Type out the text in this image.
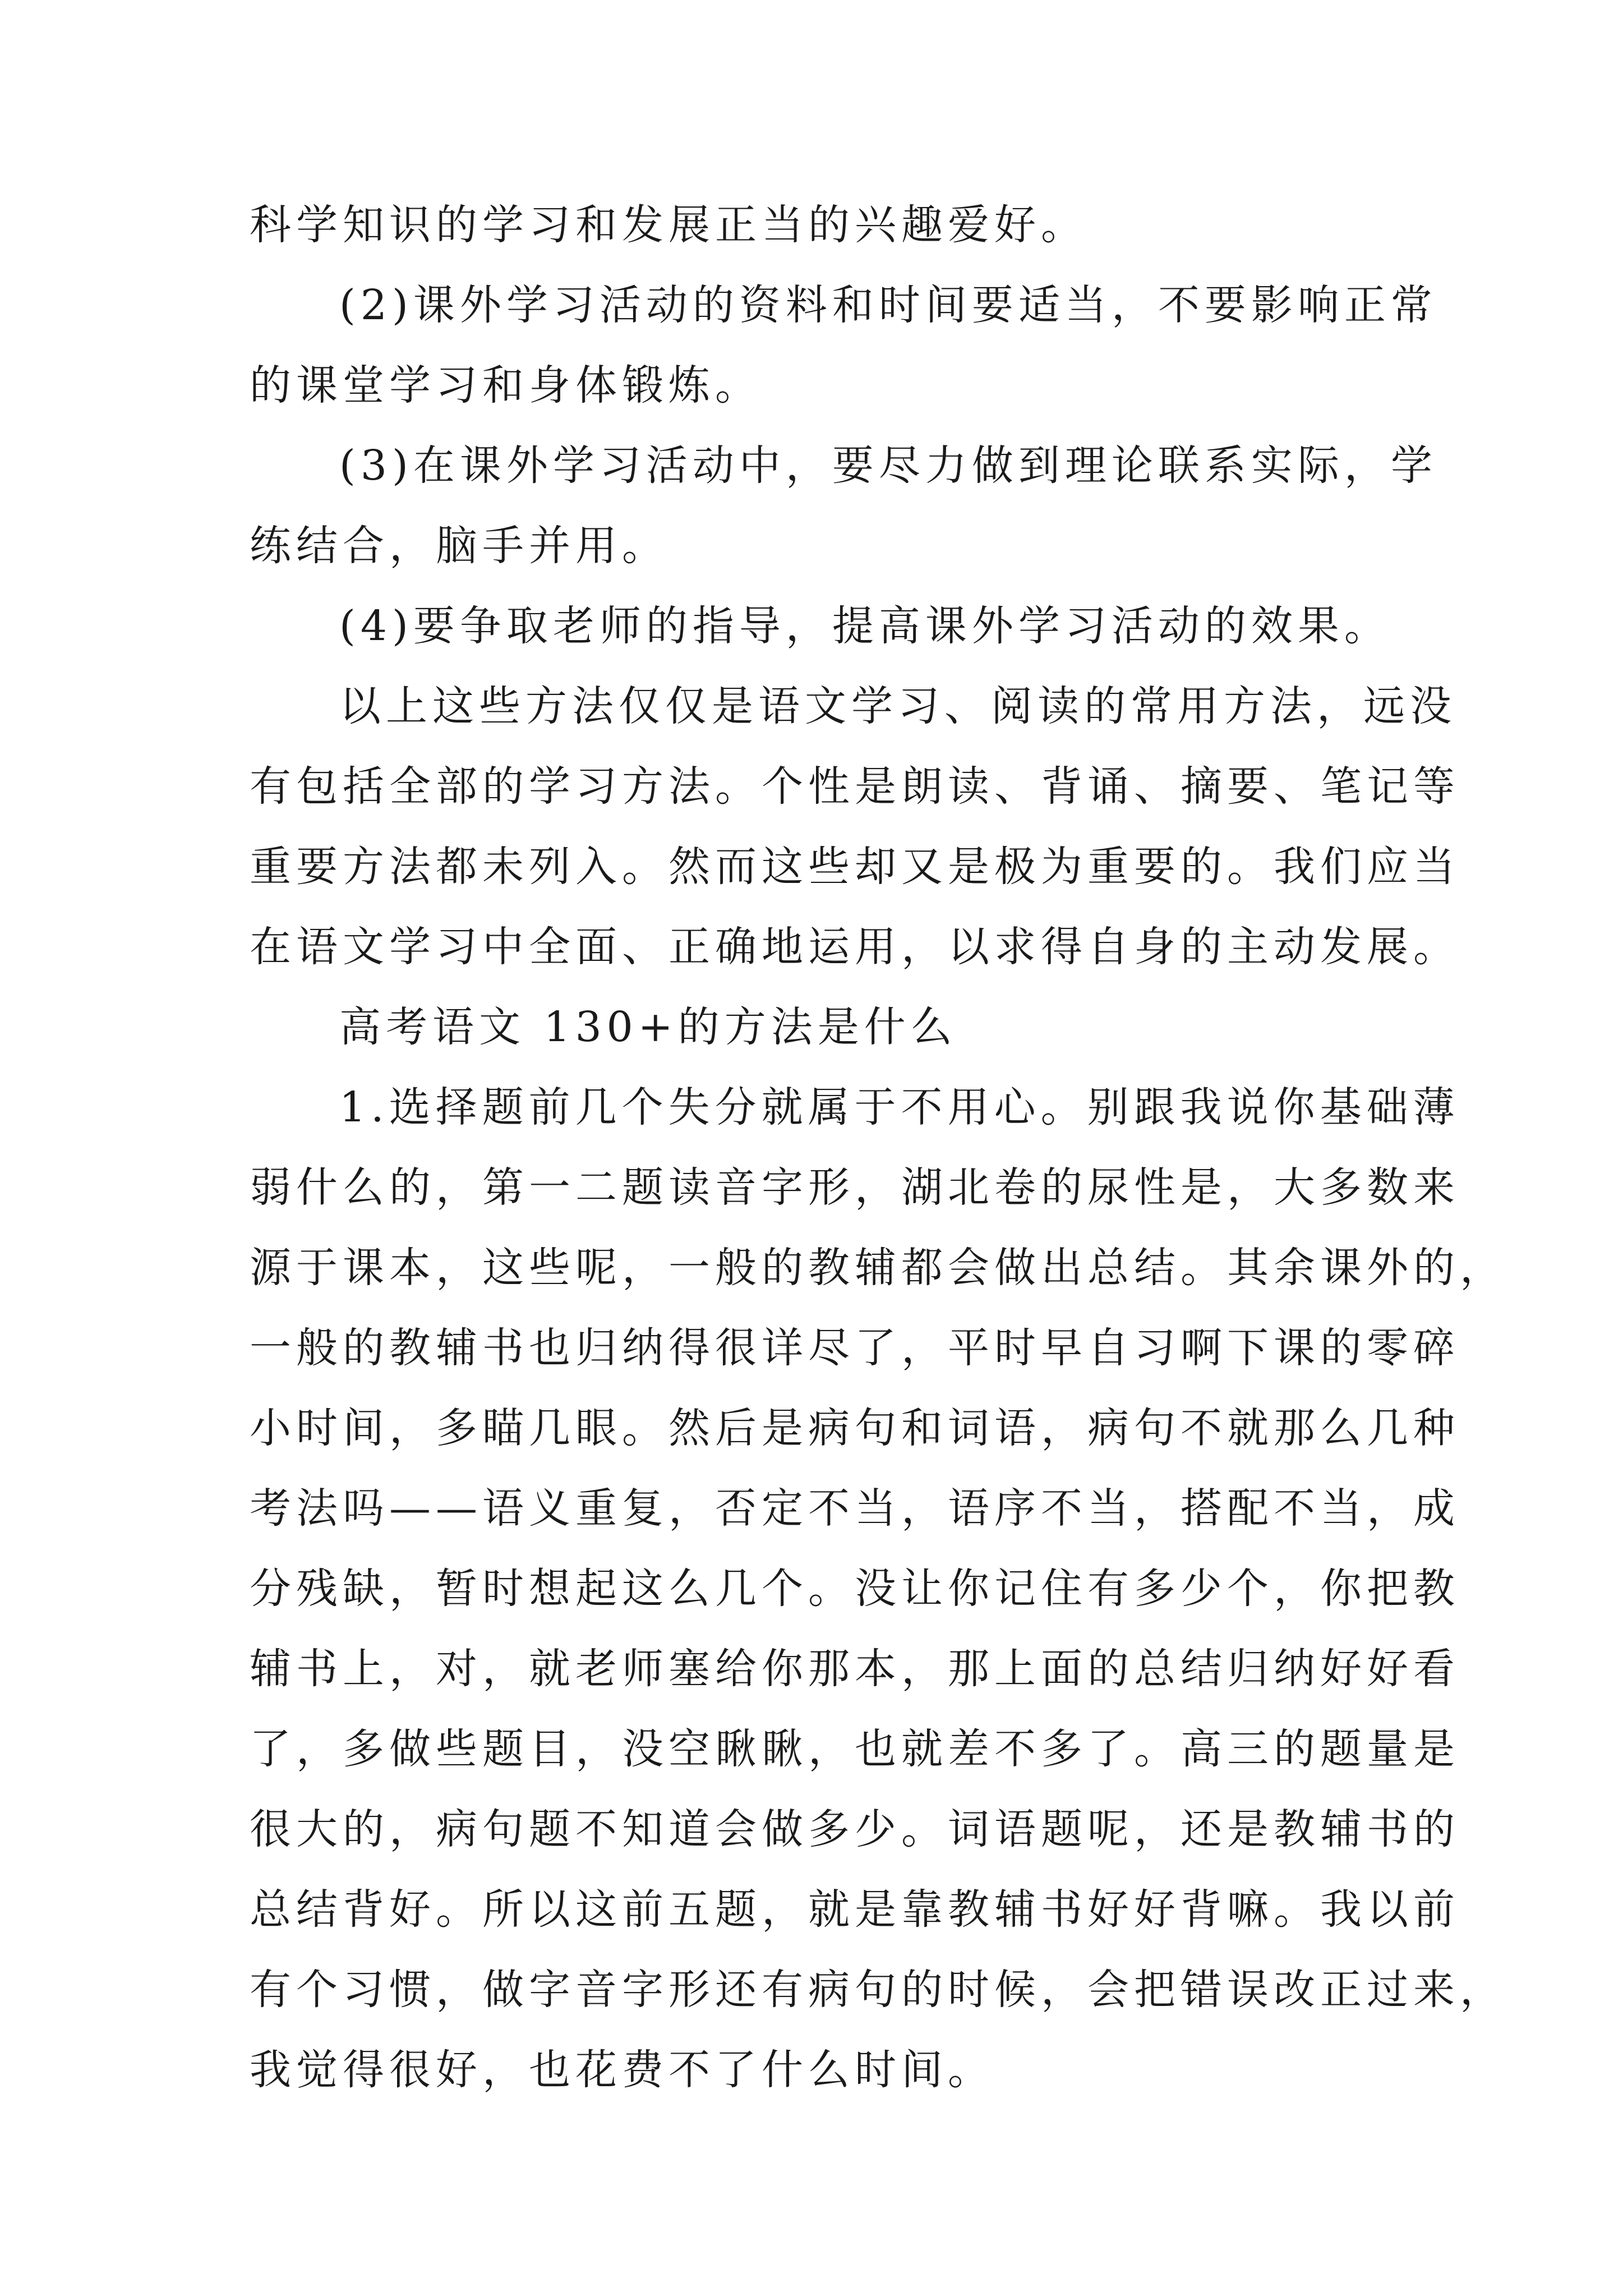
科学知识的学习和发展正当的兴趣爱好。
(2)课外学习活动的资料和时间要适当，不要影响正常
的课堂学习和身体锻炼。
(3)在课外学习活动中，要尽力做到理论联系实际，学
练结合，脑手并用。
(4)要争取老师的指导，提高课外学习活动的效果。
以上这些方法仅仅是语文学习、阅读的常用方法，远没
有包括全部的学习方法。个性是朗读、背诵、摘要、笔记等
重要方法都未列入。然而这些却又是极为重要的。我们应当
在语文学习中全面、正确地运用，以求得自身的主动发展。
高考语文 130+的方法是什么
1.选择题前几个失分就属于不用心。别跟我说你基础薄
弱什么的，第一二题读音字形，湖北卷的尿性是，大多数来
源于课本，这些呢，一般的教辅都会做出总结。其余课外的，
一般的教辅书也归纳得很详尽了，平时早自习啊下课的零碎
小时间，多瞄几眼。然后是病句和词语，病句不就那么几种
考法吗——语义重复，否定不当，语序不当，搭配不当，成
分残缺，暂时想起这么几个。没让你记住有多少个，你把教
辅书上，对，就老师塞给你那本，那上面的总结归纳好好看
了，多做些题目，没空瞅瞅，也就差不多了。高三的题量是
很大的，病句题不知道会做多少。词语题呢，还是教辅书的
总结背好。所以这前五题，就是靠教辅书好好背嘛。我以前
有个习惯，做字音字形还有病句的时候，会把错误改正过来，
我觉得很好，也花费不了什么时间。
